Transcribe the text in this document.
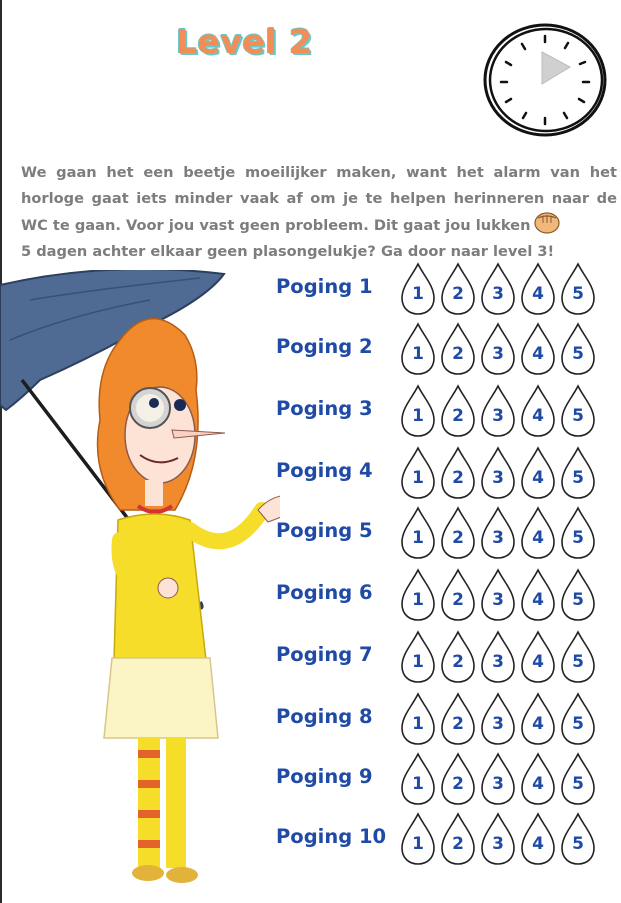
Level 2

We gaan het een beetje moeilijker maken, want het alarm van het horloge gaat iets minder vaak af om je te helpen herinneren naar de WC te gaan. Voor jou vast geen probleem. Dit gaat jou lukken
5 dagen achter elkaar geen plasongelukje? Ga door naar level 3!

Poging 1	1	2	3	4	5

Poging 2	1	2	3	4	5

Poging 3	1	2	3	4	5

Poging 4	1	2	3	4	5

Poging 5	1	2	3	4	5

Poging 6	1	2	3	4	5

Poging 7	1	2	3	4	5

Poging 8	1	2	3	4	5

Poging 9	1	2	3	4	5

Poging 10	1	2	3	4	5
